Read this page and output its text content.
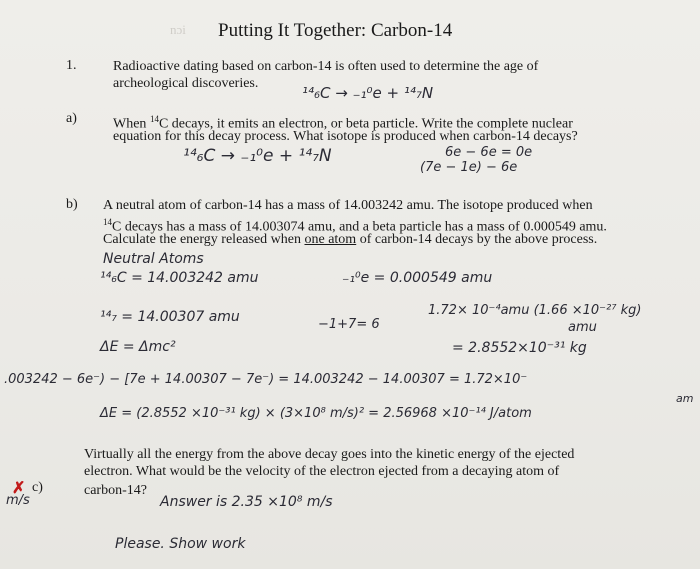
nɔi Putting It Together: Carbon-14
1.	Radioactive dating based on carbon-14 is often used to determine the age of
archeological discoveries.
¹⁴₆C → ₋₁⁰e + ¹⁴₇N
a)	When $^{14}$C decays, it emits an electron, or beta particle. Write the complete nuclear
equation for this decay process. What isotope is produced when carbon-14 decays?
¹⁴₆C → ₋₁⁰e + ¹⁴₇N	6e − 6e = 0e
(7e − 1e) − 6e
b) A neutral atom of carbon-14 has a mass of 14.003242 amu. The isotope produced when
$^{14}$C decays has a mass of 14.003074 amu, and a beta particle has a mass of 0.000549 amu.
Calculate the energy released when one atom of carbon-14 decays by the above process.
Neutral Atoms
¹⁴₆C = 14.003242 amu	₋₁⁰e = 0.000549 amu
¹⁴₇ = 14.00307 amu	−1+7= 6
1.72× 10⁻⁴amu (1.66 ×10⁻²⁷ kg)
amu
ΔE = Δmc²	= 2.8552×10⁻³¹ kg
.003242 − 6e⁻) − [7e + 14.00307 − 7e⁻) = 14.003242 − 14.00307 = 1.72×10⁻
am
ΔE = (2.8552 ×10⁻³¹ kg) × (3×10⁸ m/s)² = 2.56968 ×10⁻¹⁴ J/atom
✗
m/s
c)
Virtually all the energy from the above decay goes into the kinetic energy of the ejected
electron. What would be the velocity of the electron ejected from a decaying atom of
carbon-14?
Answer is 2.35 ×10⁸ m/s
Please. Show work
